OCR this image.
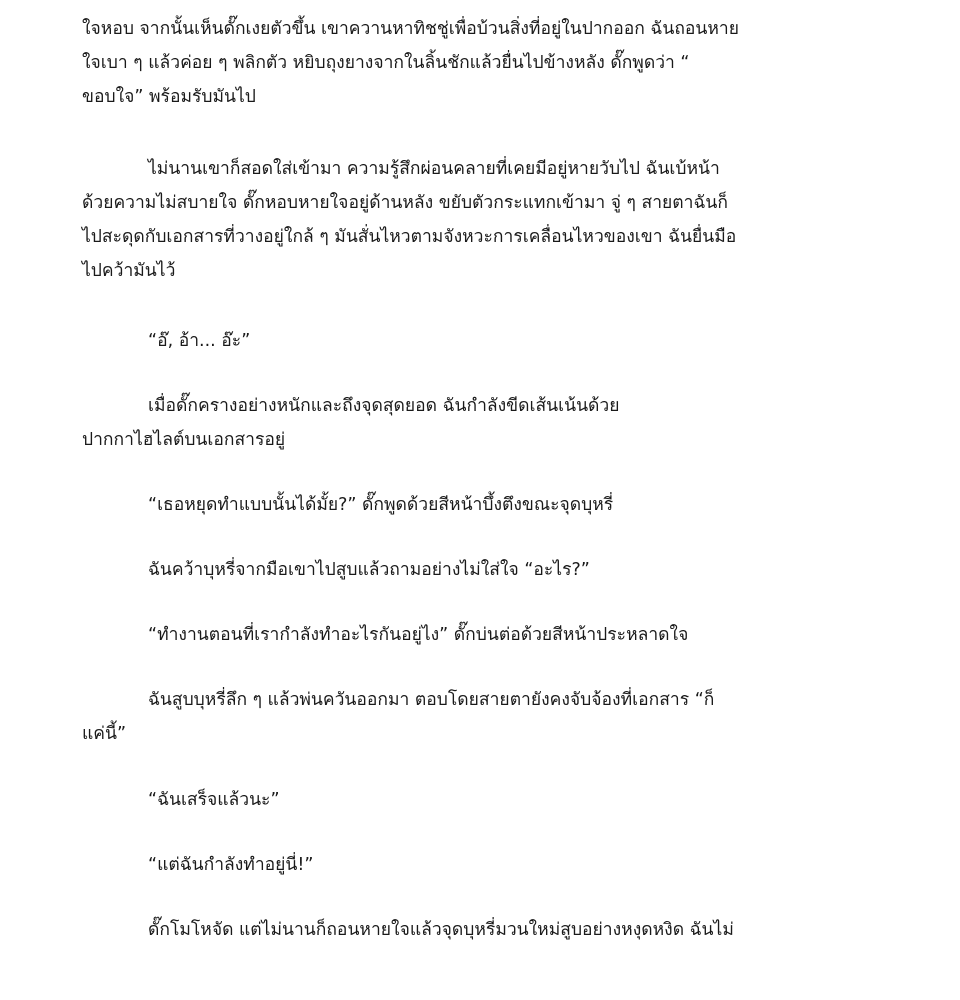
ใจหอบ จากนั้นเห็นดั๊กเงยตัวขึ้น เขาควานหาทิชชู่เพื่อบ้วนสิ่งที่อยู่ในปากออก ฉันถอนหาย
ใจเบา ๆ แล้วค่อย ๆ พลิกตัว หยิบถุงยางจากในลิ้นชักแล้วยื่นไปข้างหลัง ดั๊กพูดว่า “
ขอบใจ” พร้อมรับมันไป

ไม่นานเขาก็สอดใส่เข้ามา ความรู้สึกผ่อนคลายที่เคยมีอยู่หายวับไป ฉันเบ้หน้า
ด้วยความไม่สบายใจ ดั๊กหอบหายใจอยู่ด้านหลัง ขยับตัวกระแทกเข้ามา จู่ ๆ สายตาฉันก็
ไปสะดุดกับเอกสารที่วางอยู่ใกล้ ๆ มันสั่นไหวตามจังหวะการเคลื่อนไหวของเขา ฉันยื่นมือ
ไปคว้ามันไว้

“อ๊, อ้า... อ๊ะ”

เมื่อดั๊กครางอย่างหนักและถึงจุดสุดยอด ฉันกำลังขีดเส้นเน้นด้วย
ปากกาไฮไลต์บนเอกสารอยู่

“เธอหยุดทำแบบนั้นได้มั้ย?” ดั๊กพูดด้วยสีหน้าบึ้งตึงขณะจุดบุหรี่

ฉันคว้าบุหรี่จากมือเขาไปสูบแล้วถามอย่างไม่ใส่ใจ “อะไร?”

“ทำงานตอนที่เรากำลังทำอะไรกันอยู่ไง” ดั๊กบ่นต่อด้วยสีหน้าประหลาดใจ

ฉันสูบบุหรี่ลึก ๆ แล้วพ่นควันออกมา ตอบโดยสายตายังคงจับจ้องที่เอกสาร “ก็
แค่นี้”

“ฉันเสร็จแล้วนะ”

“แต่ฉันกำลังทำอยู่นี่!”

ดั๊กโมโหจัด แต่ไม่นานก็ถอนหายใจแล้วจุดบุหรี่มวนใหม่สูบอย่างหงุดหงิด ฉันไม่
